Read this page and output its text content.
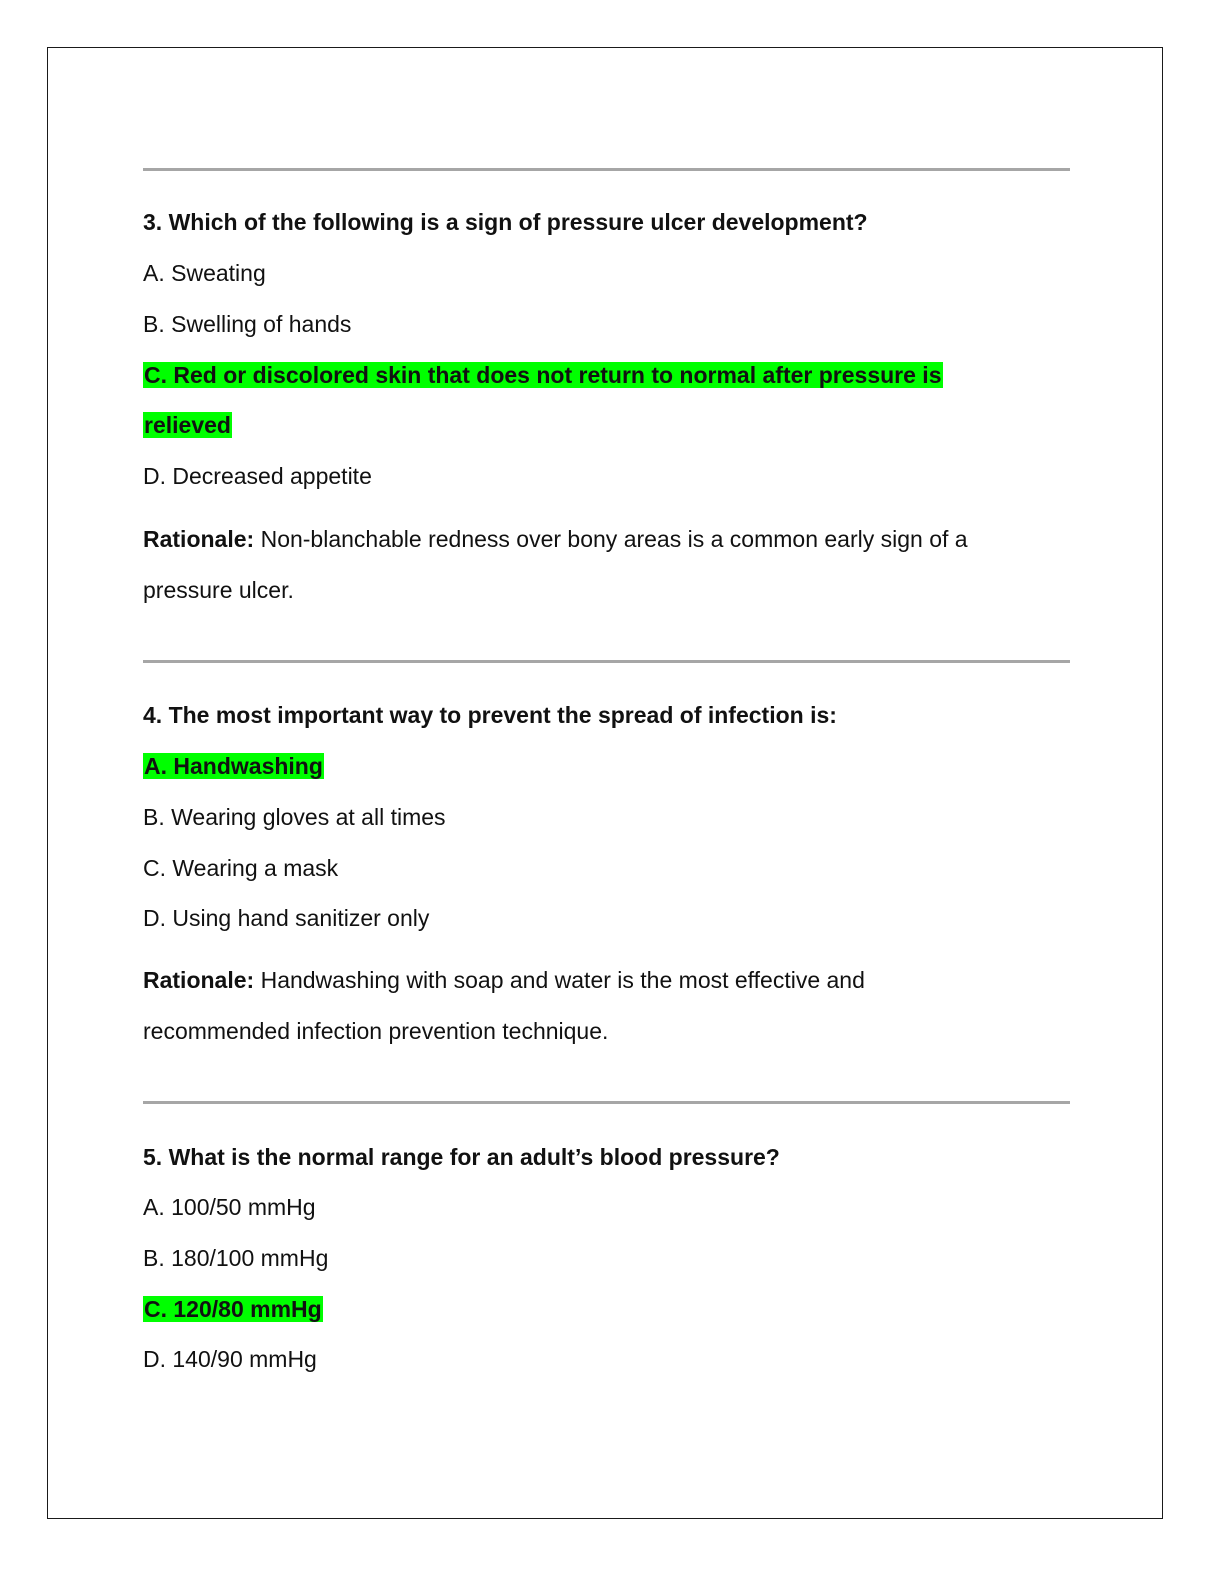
3. Which of the following is a sign of pressure ulcer development?
A. Sweating
B. Swelling of hands
C. Red or discolored skin that does not return to normal after pressure is
relieved
D. Decreased appetite
Rationale: Non-blanchable redness over bony areas is a common early sign of a
pressure ulcer.
4. The most important way to prevent the spread of infection is:
A. Handwashing
B. Wearing gloves at all times
C. Wearing a mask
D. Using hand sanitizer only
Rationale: Handwashing with soap and water is the most effective and
recommended infection prevention technique.
5. What is the normal range for an adult’s blood pressure?
A. 100/50 mmHg
B. 180/100 mmHg
C. 120/80 mmHg
D. 140/90 mmHg
